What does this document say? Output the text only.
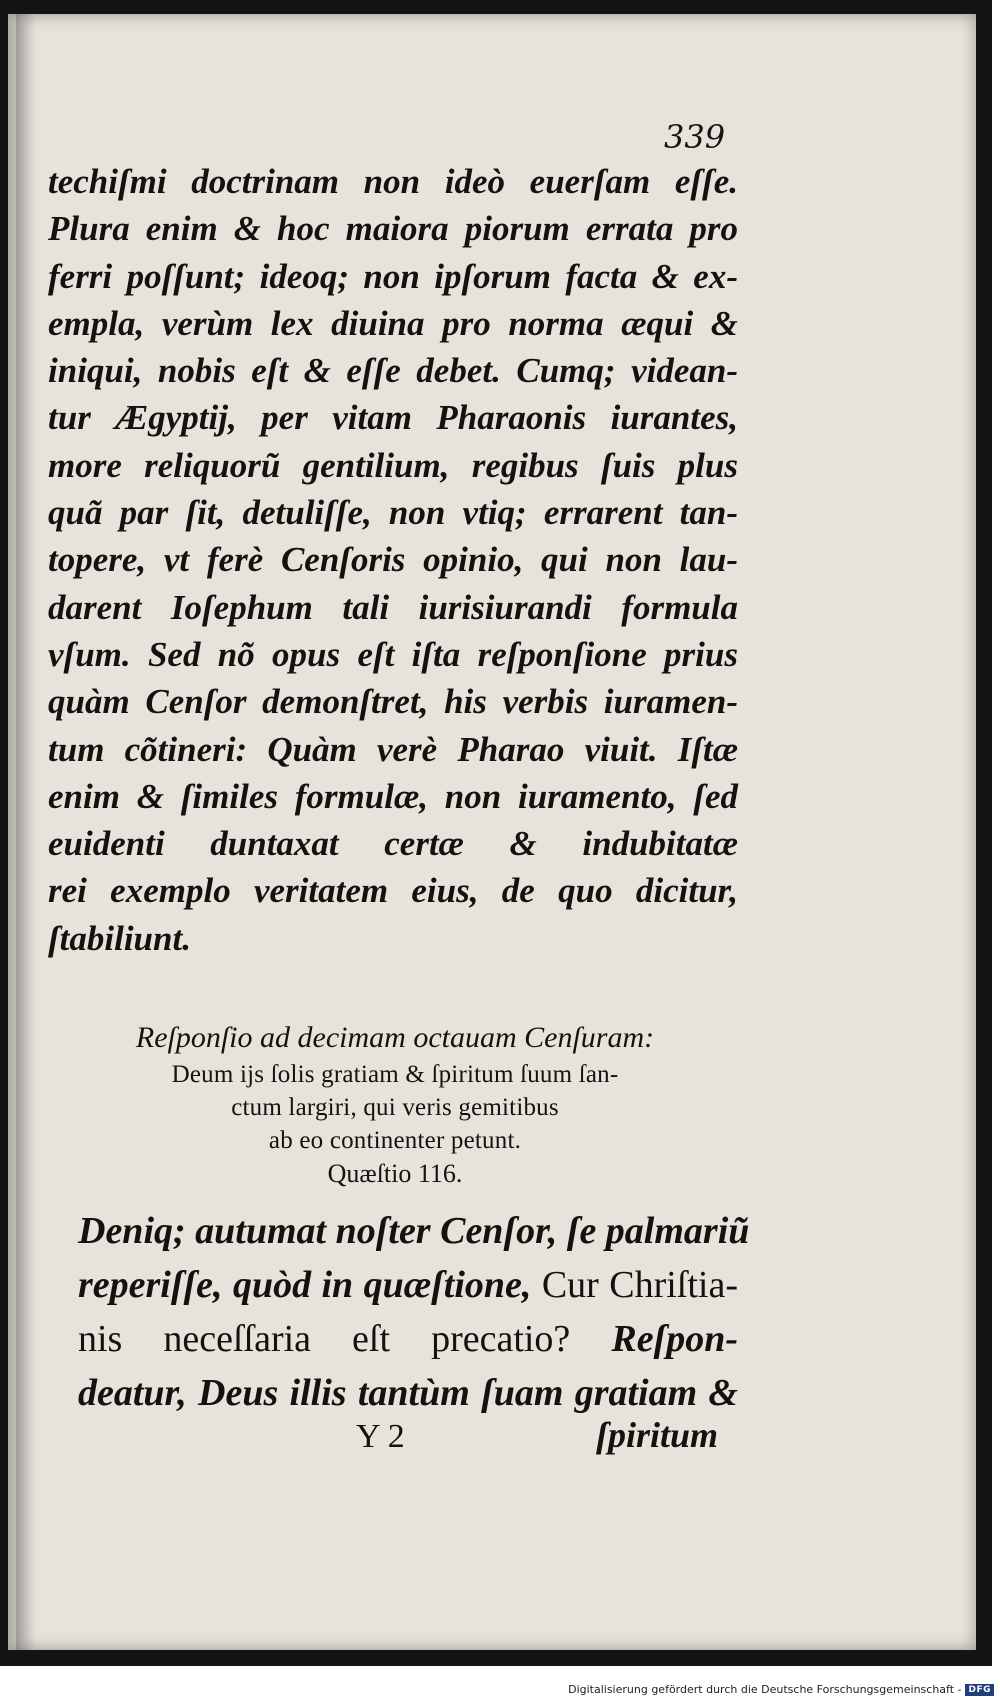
339
techiſmi doctrinam non ideò euerſam eſſe.
Plura enim & hoc maiora piorum errata pro
ferri poſſunt; ideoq; non ipſorum facta & ex-
empla, verùm lex diuina pro norma æqui &
iniqui, nobis eſt & eſſe debet. Cumq; videan-
tur Ægyptij, per vitam Pharaonis iurantes,
more reliquorũ gentilium, regibus ſuis plus
quã par ſit, detuliſſe, non vtiq; errarent tan-
topere, vt ferè Cenſoris opinio, qui non lau-
darent Ioſephum tali iurisiurandi formula
vſum. Sed nõ opus eſt iſta reſponſione prius
quàm Cenſor demonſtret, his verbis iuramen-
tum cõtineri: Quàm verè Pharao viuit. Iſtæ
enim & ſimiles formulæ, non iuramento, ſed
euidenti duntaxat certæ & indubitatæ
rei exemplo veritatem eius, de quo dicitur,
ſtabiliunt.
Reſponſio ad decimam octauam Cenſuram:
Deum ijs ſolis gratiam & ſpiritum ſuum ſan-
ctum largiri, qui veris gemitibus
ab eo continenter petunt.
Quæſtio 116.
Deniq; autumat noſter Cenſor, ſe palmariũ
reperiſſe, quòd in quæſtione, Cur Chriſtia-
nis neceſſaria eſt precatio? Reſpon-
deatur, Deus illis tantùm ſuam gratiam &
Y 2	ſpiritum
Digitalisierung gefördert durch die Deutsche Forschungsgemeinschaft - DFG
